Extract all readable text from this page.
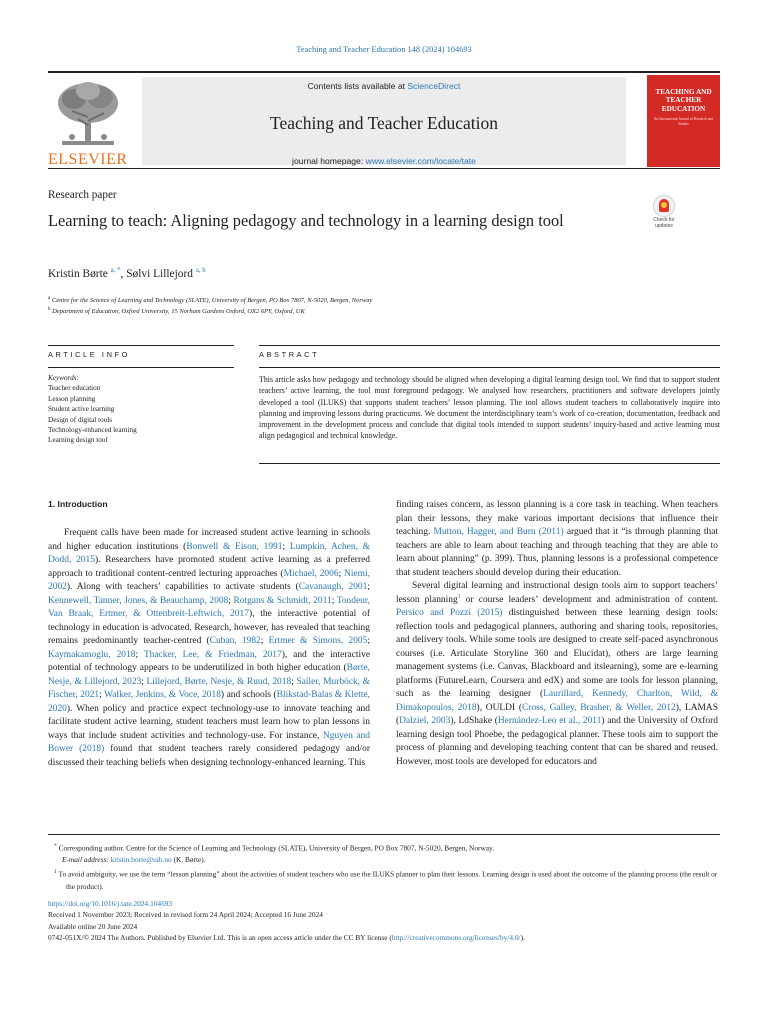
Teaching and Teacher Education 148 (2024) 104693
ELSEVIER
Contents lists available at ScienceDirect
Teaching and Teacher Education
journal homepage: www.elsevier.com/locate/tate
TEACHING AND TEACHER EDUCATION
An International Journal of Research and Studies
Research paper
Learning to teach: Aligning pedagogy and technology in a learning design tool	Check for updates
Kristin Børte $^{a, *}$, Sølvi Lillejord $^{a, b}$
$^a$ Centre for the Science of Learning and Technology (SLATE), University of Bergen, PO Box 7807, N-5020, Bergen, Norway
$^b$ Department of Education, Oxford University, 15 Norham Gardens Oxford, OX2 6PY, Oxford, UK
ARTICLE INFO	ABSTRACT
Keywords:
Teacher education
Lesson planning
Student active learning
Design of digital tools
Technology-enhanced learning
Learning design tool
This article asks how pedagogy and technology should be aligned when developing a digital learning design tool. We find that to support student teachers’ active learning, the tool must foreground pedagogy. We analysed how researchers, practitioners and software developers jointly developed a tool (ILUKS) that supports student teachers’ lesson planning. The tool allows student teachers to collaboratively inquire into planning and improving lessons during practicums. We document the interdisciplinary team’s work of co-creation, documentation, feedback and improvement in the development process and conclude that digital tools intended to support students’ inquiry-based and active learning must align pedagogical and technical knowledge.
1. Introduction

Frequent calls have been made for increased student active learning in schools and higher education institutions (Bonwell & Eison, 1991; Lumpkin, Achen, & Dodd, 2015). Researchers have promoted student active learning as a preferred approach to traditional content-centred lecturing approaches (Michael, 2006; Niemi, 2002). Along with teachers’ capabilities to activate students (Cavanaugh, 2001; Kennewell, Tanner, Jones, & Beauchamp, 2008; Rotgans & Schmidt, 2011; Tondeur, Van Braak, Ertmer, & Ottenbreit-Leftwich, 2017), the interactive potential of technology in education is advocated. Research, however, has revealed that teaching remains predominantly teacher-centred (Cuban, 1982; Ertmer & Simons, 2005; Kaymakamoglu, 2018; Thacker, Lee, & Friedman, 2017), and the interactive potential of technology appears to be underutilized in both higher education (Børte, Nesje, & Lillejord, 2023; Lillejord, Børte, Nesje, & Ruud, 2018; Sailer, Murböck, & Fischer, 2021; Walker, Jenkins, & Voce, 2018) and schools (Blikstad-Balas & Klette, 2020). When policy and practice expect technology-use to innovate teaching and facilitate student active learning, student teachers must learn how to plan lessons in ways that include student activities and technology-use. For instance, Nguyen and Bower (2018) found that student teachers rarely considered pedagogy and/or discussed their teaching beliefs when designing technology-enhanced learning. This

finding raises concern, as lesson planning is a core task in teaching. When teachers plan their lessons, they make various important decisions that influence their teaching. Mutton, Hagger, and Burn (2011) argued that it “is through planning that teachers are able to learn about teaching and through teaching that they are able to learn about planning” (p. 399). Thus, planning lessons is a professional competence that student teachers should develop during their education.

Several digital learning and instructional design tools aim to support teachers’ lesson planning$^1$ or course leaders’ development and administration of content. Persico and Pozzi (2015) distinguished between these learning design tools: reflection tools and pedagogical planners, authoring and sharing tools, repositories, and delivery tools. While some tools are designed to create self-paced asynchronous courses (i.e. Articulate Storyline 360 and Elucidat), others are large learning management systems (i.e. Canvas, Blackboard and itslearning), some are e-learning platforms (FutureLearn, Coursera and edX) and some are tools for lesson planning, such as the learning designer (Laurillard, Kennedy, Charlton, Wild, & Dimakopoulos, 2018), OULDI (Cross, Galley, Brasher, & Weller, 2012), LAMAS (Dalziel, 2003), LdShake (Hernández-Leo et al., 2011) and the University of Oxford learning design tool Phoebe, the pedagogical planner. These tools aim to support the process of planning and developing teaching content that can be shared and reused. However, most tools are developed for educators and

* Corresponding author. Centre for the Science of Learning and Technology (SLATE), University of Bergen, PO Box 7807, N-5020, Bergen, Norway.
E-mail address: kristin.borte@uib.no (K. Børte).
$^1$ To avoid ambiguity, we use the term “lesson planning” about the activities of student teachers who use the ILUKS planner to plan their lessons. Learning design is used about the outcome of the planning process (the result or the product).
https://doi.org/10.1016/j.tate.2024.104693
Received 1 November 2023; Received in revised form 24 April 2024; Accepted 16 June 2024
Available online 20 June 2024
0742-051X/© 2024 The Authors. Published by Elsevier Ltd. This is an open access article under the CC BY license (http://creativecommons.org/licenses/by/4.0/).
